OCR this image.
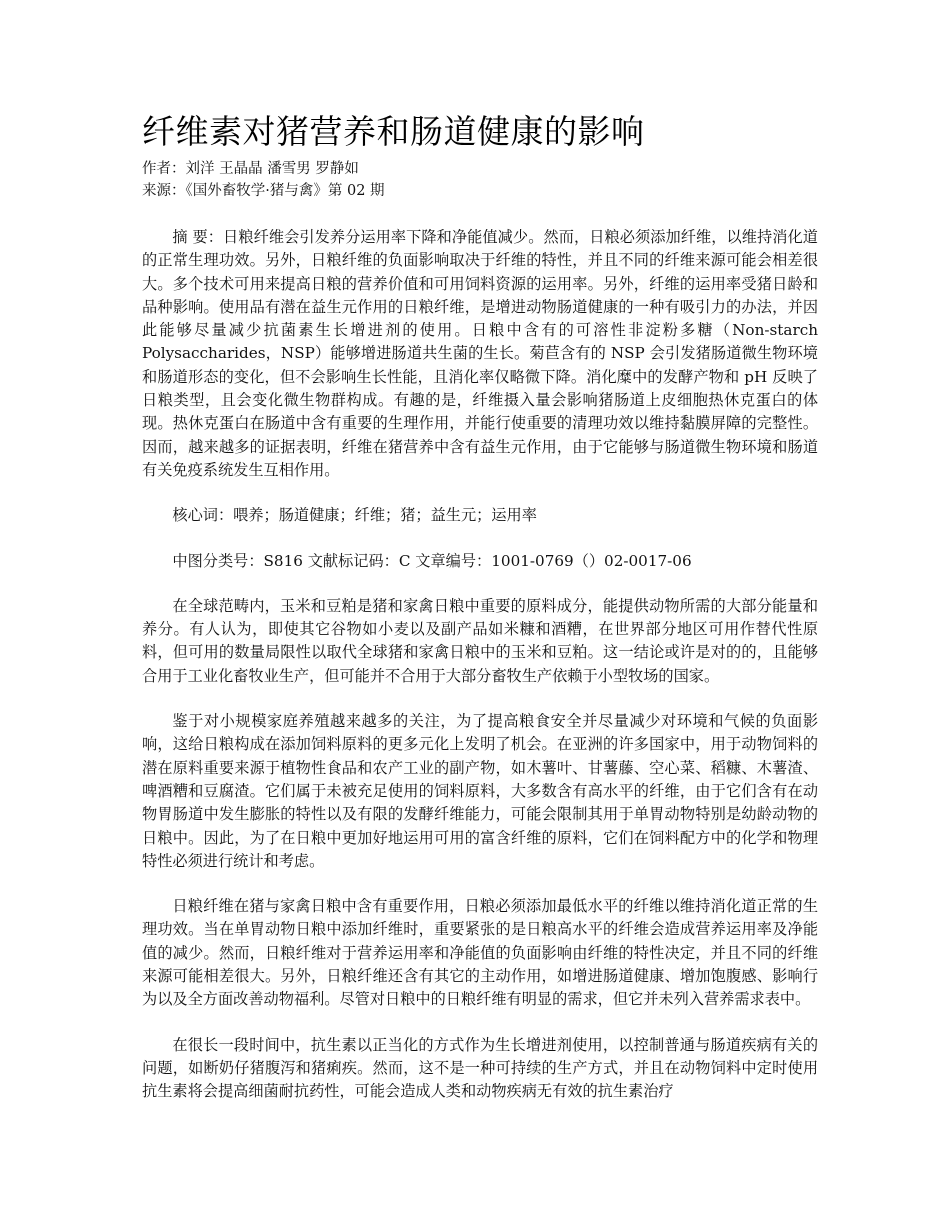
纤维素对猪营养和肠道健康的影响

作者：刘洋 王晶晶 潘雪男 罗静如

来源：《国外畜牧学·猪与禽》第 02 期

摘 要：日粮纤维会引发养分运用率下降和净能值减少。然而，日粮必须添加纤维，以维持消化道的正常生理功效。另外，日粮纤维的负面影响取决于纤维的特性，并且不同的纤维来源可能会相差很大。多个技术可用来提高日粮的营养价值和可用饲料资源的运用率。另外，纤维的运用率受猪日龄和品种影响。使用品有潜在益生元作用的日粮纤维，是增进动物肠道健康的一种有吸引力的办法，并因此能够尽量减少抗菌素生长增进剂的使用。日粮中含有的可溶性非淀粉多糖（Non-starch Polysaccharides，NSP）能够增进肠道共生菌的生长。菊苣含有的 NSP 会引发猪肠道微生物环境和肠道形态的变化，但不会影响生长性能，且消化率仅略微下降。消化糜中的发酵产物和 pH 反映了日粮类型，且会变化微生物群构成。有趣的是，纤维摄入量会影响猪肠道上皮细胞热休克蛋白的体现。热休克蛋白在肠道中含有重要的生理作用，并能行使重要的清理功效以维持黏膜屏障的完整性。因而，越来越多的证据表明，纤维在猪营养中含有益生元作用，由于它能够与肠道微生物环境和肠道有关免疫系统发生互相作用。

核心词：喂养；肠道健康；纤维；猪；益生元；运用率

中图分类号：S816 文献标记码：C 文章编号：1001-0769（）02-0017-06

在全球范畴内，玉米和豆粕是猪和家禽日粮中重要的原料成分，能提供动物所需的大部分能量和养分。有人认为，即使其它谷物如小麦以及副产品如米糠和酒糟，在世界部分地区可用作替代性原料，但可用的数量局限性以取代全球猪和家禽日粮中的玉米和豆粕。这一结论或许是对的的，且能够合用于工业化畜牧业生产，但可能并不合用于大部分畜牧生产依赖于小型牧场的国家。

鉴于对小规模家庭养殖越来越多的关注，为了提高粮食安全并尽量减少对环境和气候的负面影响，这给日粮构成在添加饲料原料的更多元化上发明了机会。在亚洲的许多国家中，用于动物饲料的潜在原料重要来源于植物性食品和农产工业的副产物，如木薯叶、甘薯藤、空心菜、稻糠、木薯渣、啤酒糟和豆腐渣。它们属于未被充足使用的饲料原料，大多数含有高水平的纤维，由于它们含有在动物胃肠道中发生膨胀的特性以及有限的发酵纤维能力，可能会限制其用于单胃动物特别是幼龄动物的日粮中。因此，为了在日粮中更加好地运用可用的富含纤维的原料，它们在饲料配方中的化学和物理特性必须进行统计和考虑。

日粮纤维在猪与家禽日粮中含有重要作用，日粮必须添加最低水平的纤维以维持消化道正常的生理功效。当在单胃动物日粮中添加纤维时，重要紧张的是日粮高水平的纤维会造成营养运用率及净能值的减少。然而，日粮纤维对于营养运用率和净能值的负面影响由纤维的特性决定，并且不同的纤维来源可能相差很大。另外，日粮纤维还含有其它的主动作用，如增进肠道健康、增加饱腹感、影响行为以及全方面改善动物福利。尽管对日粮中的日粮纤维有明显的需求，但它并未列入营养需求表中。

在很长一段时间中，抗生素以正当化的方式作为生长增进剂使用，以控制普通与肠道疾病有关的问题，如断奶仔猪腹泻和猪痢疾。然而，这不是一种可持续的生产方式，并且在动物饲料中定时使用抗生素将会提高细菌耐抗药性，可能会造成人类和动物疾病无有效的抗生素治疗
